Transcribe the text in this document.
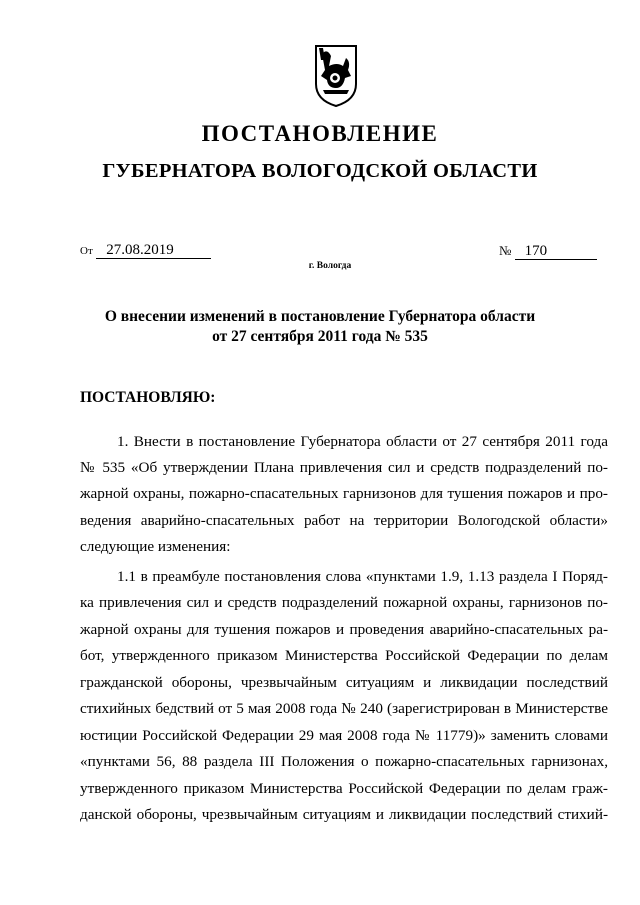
ПОСТАНОВЛЕНИЕ
ГУБЕРНАТОРА ВОЛОГОДСКОЙ ОБЛАСТИ
От 27.08.2019	№ 170
г. Вологда
О внесении изменений в постановление Губернатора области
от 27 сентября 2011 года № 535
ПОСТАНОВЛЯЮ:
1. Внести в постановление Губернатора области от 27 сентября 2011 года
№ 535 «Об утверждении Плана привлечения сил и средств подразделений по-
жарной охраны, пожарно-спасательных гарнизонов для тушения пожаров и про-
ведения аварийно-спасательных работ на территории Вологодской области»
следующие изменения:
1.1 в преамбуле постановления слова «пунктами 1.9, 1.13 раздела I Поряд-
ка привлечения сил и средств подразделений пожарной охраны, гарнизонов по-
жарной охраны для тушения пожаров и проведения аварийно-спасательных ра-
бот, утвержденного приказом Министерства Российской Федерации по делам
гражданской обороны, чрезвычайным ситуациям и ликвидации последствий
стихийных бедствий от 5 мая 2008 года № 240 (зарегистрирован в Министерстве
юстиции Российской Федерации 29 мая 2008 года № 11779)» заменить словами
«пунктами 56, 88 раздела III Положения о пожарно-спасательных гарнизонах,
утвержденного приказом Министерства Российской Федерации по делам граж-
данской обороны, чрезвычайным ситуациям и ликвидации последствий стихий-
